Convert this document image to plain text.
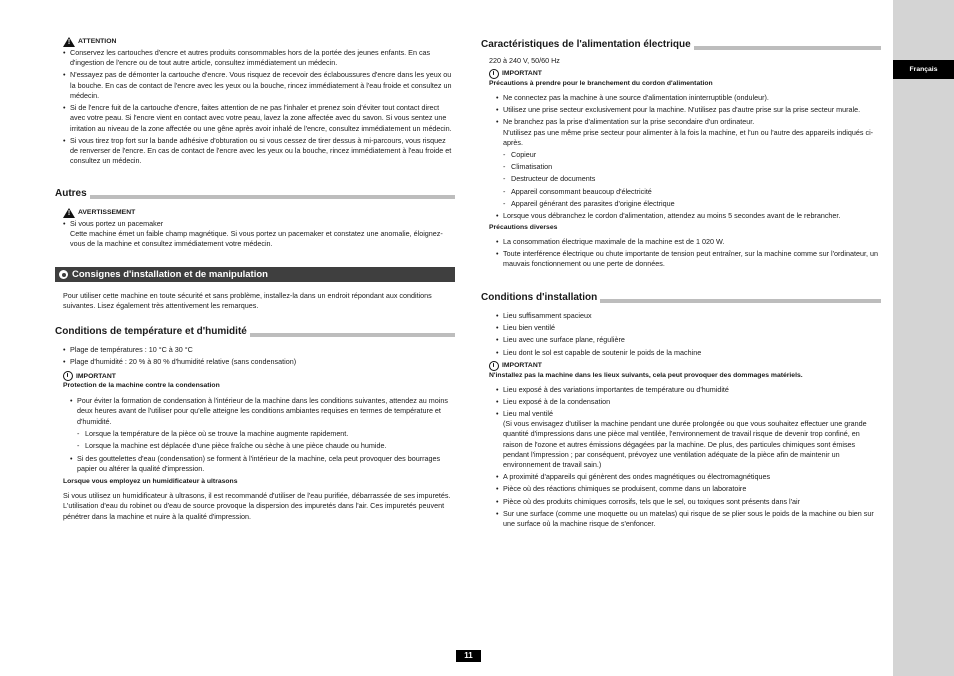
Français
!
ATTENTION
• Conservez les cartouches d'encre et autres produits consommables hors de la portée des jeunes enfants. En cas d'ingestion de l'encre ou de tout autre article, consultez immédiatement un médecin.
• N'essayez pas de démonter la cartouche d'encre. Vous risquez de recevoir des éclaboussures d'encre dans les yeux ou la bouche. En cas de contact de l'encre avec les yeux ou la bouche, rincez immédiatement à l'eau froide et consultez un médecin.
• Si de l'encre fuit de la cartouche d'encre, faites attention de ne pas l'inhaler et prenez soin d'éviter tout contact direct avec votre peau. Si l'encre vient en contact avec votre peau, lavez la zone affectée avec du savon. Si vous sentez une irritation au niveau de la zone affectée ou une gêne après avoir inhalé de l'encre, consultez immédiatement un médecin.
• Si vous tirez trop fort sur la bande adhésive d'obturation ou si vous cessez de tirer dessus à mi-parcours, vous risquez de renverser de l'encre. En cas de contact de l'encre avec les yeux ou la bouche, rincez immédiatement à l'eau froide et consultez un médecin.
Autres
!
AVERTISSEMENT
• Si vous portez un pacemaker
Cette machine émet un faible champ magnétique. Si vous portez un pacemaker et constatez une anomalie, éloignez-vous de la machine et consultez immédiatement votre médecin.
Consignes d'installation et de manipulation

Pour utiliser cette machine en toute sécurité et sans problème, installez-la dans un endroit répondant aux conditions suivantes. Lisez également très attentivement les remarques.

Conditions de température et d'humidité
• Plage de températures : 10 °C à 30 °C
• Plage d'humidité : 20 % à 80 % d'humidité relative (sans condensation)
IMPORTANT
Protection de la machine contre la condensation
• Pour éviter la formation de condensation à l'intérieur de la machine dans les conditions suivantes, attendez au moins deux heures avant de l'utiliser pour qu'elle atteigne les conditions ambiantes requises en termes de température et d'humidité.
- Lorsque la température de la pièce où se trouve la machine augmente rapidement.
- Lorsque la machine est déplacée d'une pièce fraîche ou sèche à une pièce chaude ou humide.
• Si des gouttelettes d'eau (condensation) se forment à l'intérieur de la machine, cela peut provoquer des bourrages papier ou altérer la qualité d'impression.
Lorsque vous employez un humidificateur à ultrasons

Si vous utilisez un humidificateur à ultrasons, il est recommandé d'utiliser de l'eau purifiée, débarrassée de ses impuretés.

L'utilisation d'eau du robinet ou d'eau de source provoque la dispersion des impuretés dans l'air. Ces impuretés peuvent pénétrer dans la machine et nuire à la qualité d'impression.

Caractéristiques de l'alimentation électrique

220 à 240 V, 50/60 Hz

IMPORTANT
Précautions à prendre pour le branchement du cordon d'alimentation
• Ne connectez pas la machine à une source d'alimentation ininterruptible (onduleur).
• Utilisez une prise secteur exclusivement pour la machine. N'utilisez pas d'autre prise sur la prise secteur murale.
• Ne branchez pas la prise d'alimentation sur la prise secondaire d'un ordinateur.
N'utilisez pas une même prise secteur pour alimenter à la fois la machine, et l'un ou l'autre des appareils indiqués ci-après.
- Copieur
- Climatisation
- Destructeur de documents
- Appareil consommant beaucoup d'électricité
- Appareil générant des parasites d'origine électrique
• Lorsque vous débranchez le cordon d'alimentation, attendez au moins 5 secondes avant de le rebrancher.
Précautions diverses
• La consommation électrique maximale de la machine est de 1 020 W.
• Toute interférence électrique ou chute importante de tension peut entraîner, sur la machine comme sur l'ordinateur, un mauvais fonctionnement ou une perte de données.
Conditions d'installation
• Lieu suffisamment spacieux
• Lieu bien ventilé
• Lieu avec une surface plane, régulière
• Lieu dont le sol est capable de soutenir le poids de la machine
IMPORTANT
N'installez pas la machine dans les lieux suivants, cela peut provoquer des dommages matériels.
• Lieu exposé à des variations importantes de température ou d'humidité
• Lieu exposé à de la condensation
• Lieu mal ventilé
(Si vous envisagez d'utiliser la machine pendant une durée prolongée ou que vous souhaitez effectuer une grande quantité d'impressions dans une pièce mal ventilée, l'environnement de travail risque de devenir trop confiné, en raison de l'ozone et autres émissions dégagées par la machine. De plus, des particules chimiques sont émises pendant l'impression ; par conséquent, prévoyez une ventilation adéquate de la pièce afin de maintenir un environnement de travail sain.)
• A proximité d'appareils qui génèrent des ondes magnétiques ou électromagnétiques
• Pièce où des réactions chimiques se produisent, comme dans un laboratoire
• Pièce où des produits chimiques corrosifs, tels que le sel, ou toxiques sont présents dans l'air
• Sur une surface (comme une moquette ou un matelas) qui risque de se plier sous le poids de la machine ou bien sur une surface où la machine risque de s'enfoncer.
11
